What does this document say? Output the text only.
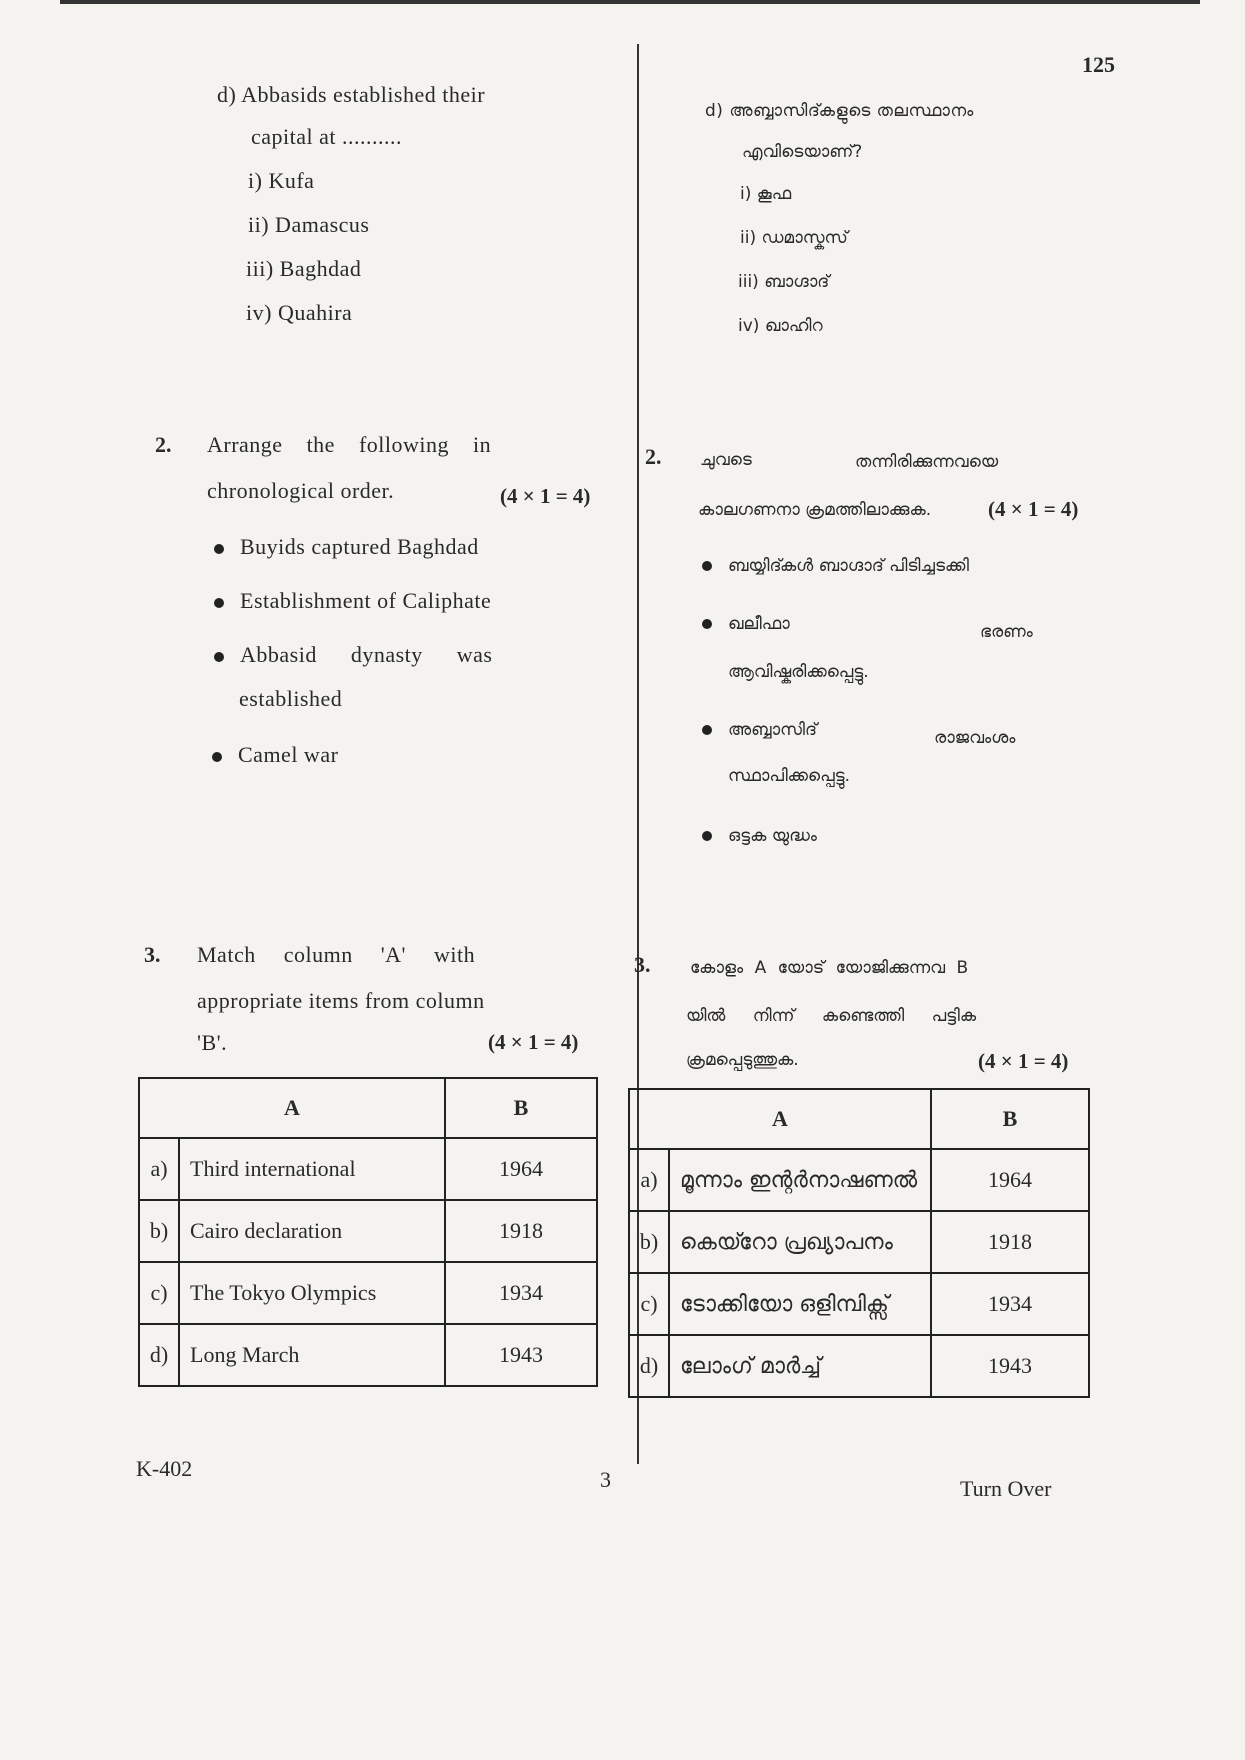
125
d) Abbasids established their
capital at ..........
i) Kufa
ii) Damascus
iii) Baghdad
iv) Quahira
2. Arrange the following in
chronological order.	(4 × 1 = 4)
Buyids captured Baghdad
Establishment of Caliphate
Abbasid dynasty was
established
Camel war
3. Match column 'A' with
appropriate items from column
'B'.	(4 × 1 = 4)
A		B
a)	Third international	1964
b)	Cairo declaration	1918
c)	The Tokyo Olympics	1934
d)	Long March	1943
d) അബ്ബാസിദ്കളുടെ തലസ്ഥാനം
എവിടെയാണ്?
i) കൂഫ
ii) ഡമാസ്കസ്
iii) ബാഗ്ദാദ്
iv) ഖാഹിറ
2. ചുവടെ	തന്നിരിക്കുന്നവയെ
കാലഗണനാ ക്രമത്തിലാക്കുക.	(4 × 1 = 4)
ബയ്യിദ്കൾ ബാഗ്ദാദ് പിടിച്ചടക്കി
ഖലീഫാ	ഭരണം
ആവിഷ്കരിക്കപ്പെട്ടു.
അബ്ബാസിദ്	രാജവംശം
സ്ഥാപിക്കപ്പെട്ടു.
ഒട്ടക യുദ്ധം
3. കോളം A യോട് യോജിക്കുന്നവ B
യിൽ നിന്ന് കണ്ടെത്തി പട്ടിക
ക്രമപ്പെടുത്തുക.	(4 × 1 = 4)
A		B
a)	മൂന്നാം ഇന്റർനാഷണൽ	1964
b)	കെയ്റോ പ്രഖ്യാപനം	1918
c)	ടോക്കിയോ ഒളിമ്പിക്സ്	1934
d)	ലോംഗ് മാർച്ച്	1943
K-402	3	Turn Over
